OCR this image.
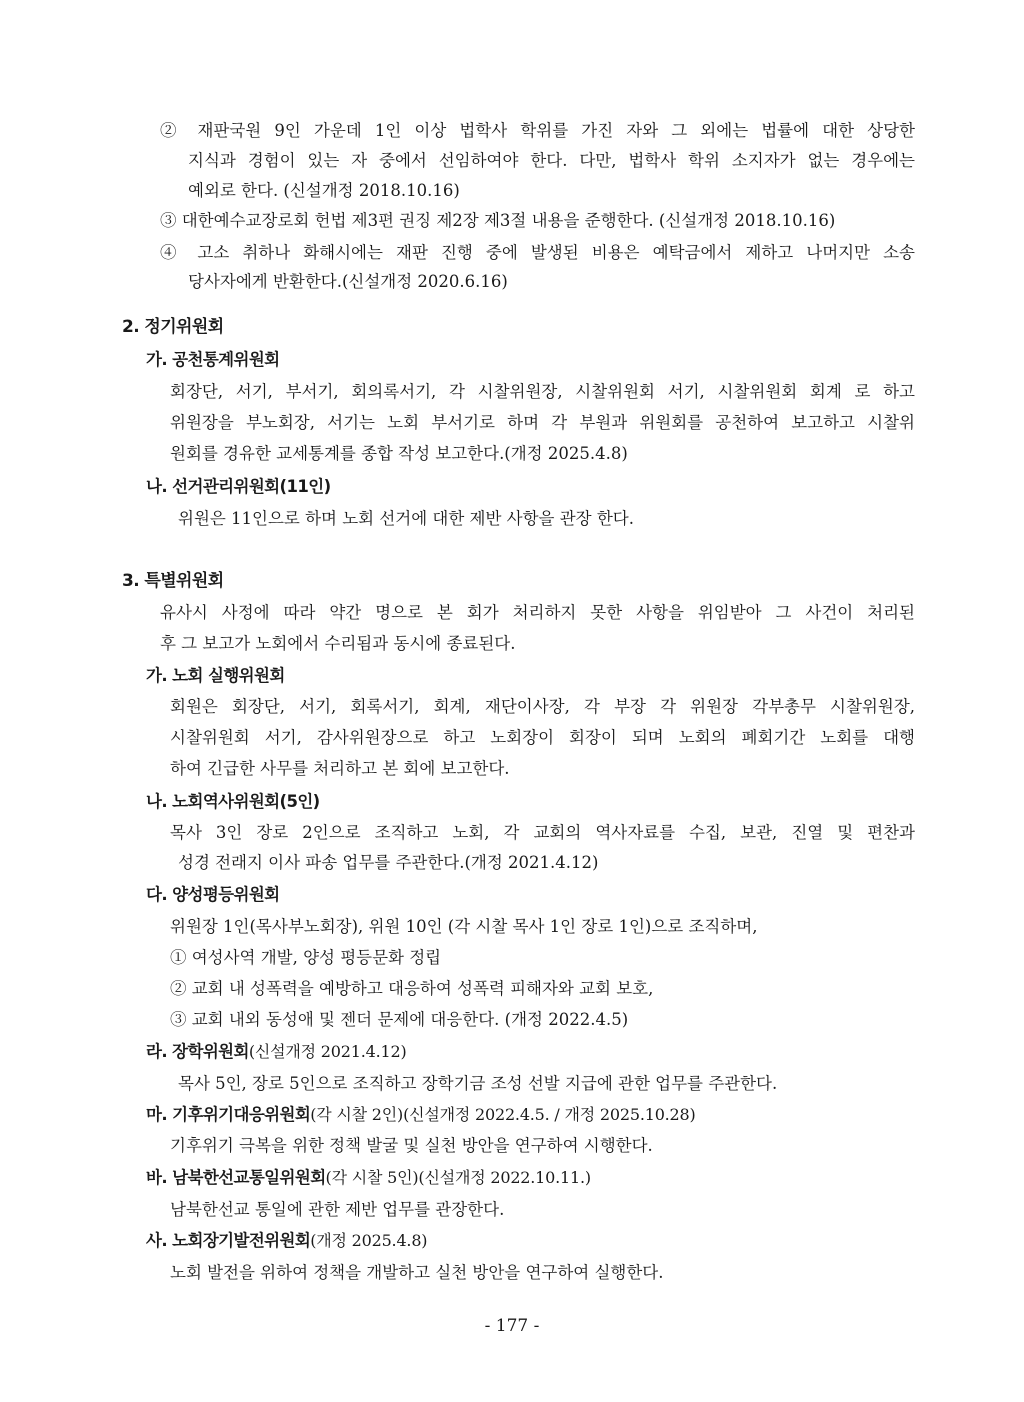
② 재판국원 9인 가운데 1인 이상 법학사 학위를 가진 자와 그 외에는 법률에 대한 상당한
지식과 경험이 있는 자 중에서 선임하여야 한다. 다만, 법학사 학위 소지자가 없는 경우에는
예외로 한다. (신설개정 2018.10.16)
③ 대한예수교장로회 헌법 제3편 권징 제2장 제3절 내용을 준행한다. (신설개정 2018.10.16)
④ 고소 취하나 화해시에는 재판 진행 중에 발생된 비용은 예탁금에서 제하고 나머지만 소송
당사자에게 반환한다.(신설개정 2020.6.16)
2. 정기위원회
가. 공천통계위원회
회장단, 서기, 부서기, 회의록서기, 각 시찰위원장, 시찰위원회 서기, 시찰위원회 회계 로 하고
위원장을 부노회장, 서기는 노회 부서기로 하며 각 부원과 위원회를 공천하여 보고하고 시찰위
원회를 경유한 교세통계를 종합 작성 보고한다.(개정 2025.4.8)
나. 선거관리위원회(11인)
위원은 11인으로 하며 노회 선거에 대한 제반 사항을 관장 한다.
3. 특별위원회
유사시 사정에 따라 약간 명으로 본 회가 처리하지 못한 사항을 위임받아 그 사건이 처리된
후 그 보고가 노회에서 수리됨과 동시에 종료된다.
가. 노회 실행위원회
회원은 회장단, 서기, 회록서기, 회계, 재단이사장, 각 부장 각 위원장 각부총무 시찰위원장,
시찰위원회 서기, 감사위원장으로 하고 노회장이 회장이 되며 노회의 폐회기간 노회를 대행
하여 긴급한 사무를 처리하고 본 회에 보고한다.
나. 노회역사위원회(5인)
목사 3인 장로 2인으로 조직하고 노회, 각 교회의 역사자료를 수집, 보관, 진열 및 편찬과
성경 전래지 이사 파송 업무를 주관한다.(개정 2021.4.12)
다. 양성평등위원회
위원장 1인(목사부노회장), 위원 10인 (각 시찰 목사 1인 장로 1인)으로 조직하며,
① 여성사역 개발, 양성 평등문화 정립
② 교회 내 성폭력을 예방하고 대응하여 성폭력 피해자와 교회 보호,
③ 교회 내외 동성애 및 젠더 문제에 대응한다. (개정 2022.4.5)
라. 장학위원회(신설개정 2021.4.12)
목사 5인, 장로 5인으로 조직하고 장학기금 조성 선발 지급에 관한 업무를 주관한다.
마. 기후위기대응위원회(각 시찰 2인)(신설개정 2022.4.5. / 개정 2025.10.28)
기후위기 극복을 위한 정책 발굴 및 실천 방안을 연구하여 시행한다.
바. 남북한선교통일위원회(각 시찰 5인)(신설개정 2022.10.11.)
남북한선교 통일에 관한 제반 업무를 관장한다.
사. 노회장기발전위원회(개정 2025.4.8)
노회 발전을 위하여 정책을 개발하고 실천 방안을 연구하여 실행한다.
- 177 -
